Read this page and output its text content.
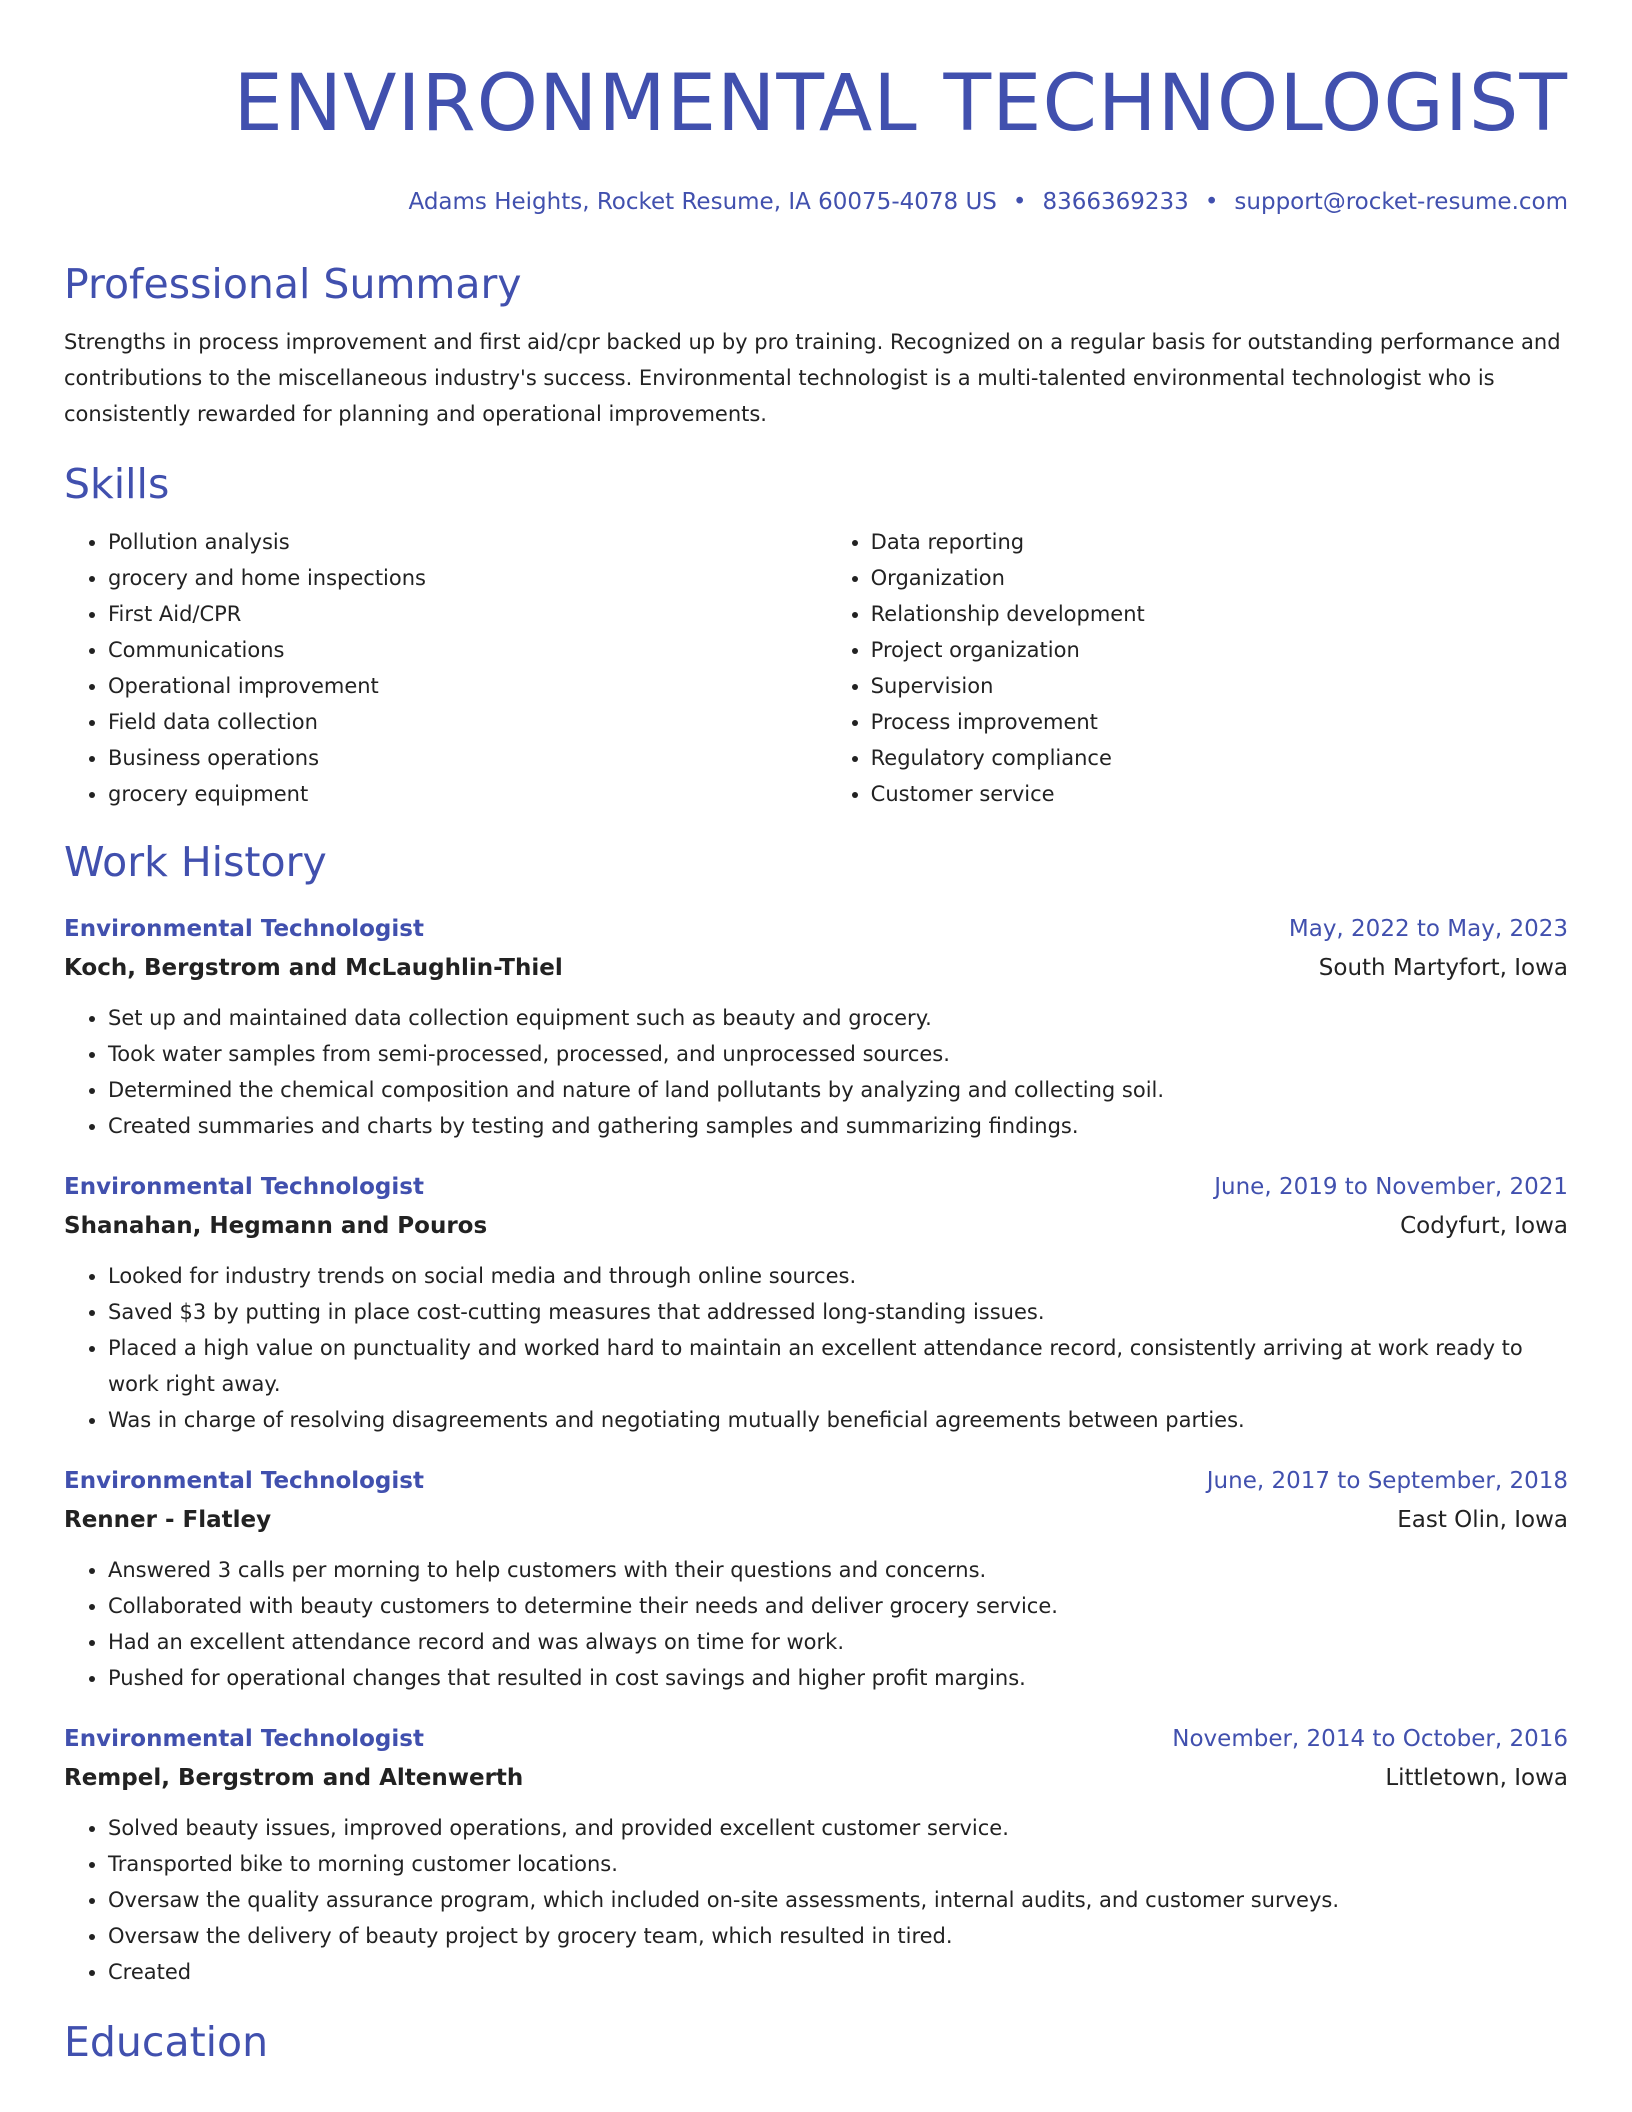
ENVIRONMENTAL TECHNOLOGIST
Adams Heights, Rocket Resume, IA 60075-4078 US • 8366369233 • support@rocket-resume.com
Professional Summary
Strengths in process improvement and first aid/cpr backed up by pro training. Recognized on a regular basis for outstanding performance and contributions to the miscellaneous industry's success. Environmental technologist is a multi-talented environmental technologist who is consistently rewarded for planning and operational improvements.
Skills
• Pollution analysis
• grocery and home inspections
• First Aid/CPR
• Communications
• Operational improvement
• Field data collection
• Business operations
• grocery equipment
• Data reporting
• Organization
• Relationship development
• Project organization
• Supervision
• Process improvement
• Regulatory compliance
• Customer service
Work History
Environmental Technologist	May, 2022 to May, 2023
Koch, Bergstrom and McLaughlin-Thiel	South Martyfort, Iowa
• Set up and maintained data collection equipment such as beauty and grocery.
• Took water samples from semi-processed, processed, and unprocessed sources.
• Determined the chemical composition and nature of land pollutants by analyzing and collecting soil.
• Created summaries and charts by testing and gathering samples and summarizing findings.
Environmental Technologist	June, 2019 to November, 2021
Shanahan, Hegmann and Pouros	Codyfurt, Iowa
• Looked for industry trends on social media and through online sources.
• Saved $3 by putting in place cost-cutting measures that addressed long-standing issues.
• Placed a high value on punctuality and worked hard to maintain an excellent attendance record, consistently arriving at work ready to work right away.
• Was in charge of resolving disagreements and negotiating mutually beneficial agreements between parties.
Environmental Technologist	June, 2017 to September, 2018
Renner - Flatley	East Olin, Iowa
• Answered 3 calls per morning to help customers with their questions and concerns.
• Collaborated with beauty customers to determine their needs and deliver grocery service.
• Had an excellent attendance record and was always on time for work.
• Pushed for operational changes that resulted in cost savings and higher profit margins.
Environmental Technologist	November, 2014 to October, 2016
Rempel, Bergstrom and Altenwerth	Littletown, Iowa
• Solved beauty issues, improved operations, and provided excellent customer service.
• Transported bike to morning customer locations.
• Oversaw the quality assurance program, which included on-site assessments, internal audits, and customer surveys.
• Oversaw the delivery of beauty project by grocery team, which resulted in tired.
• Created
Education
